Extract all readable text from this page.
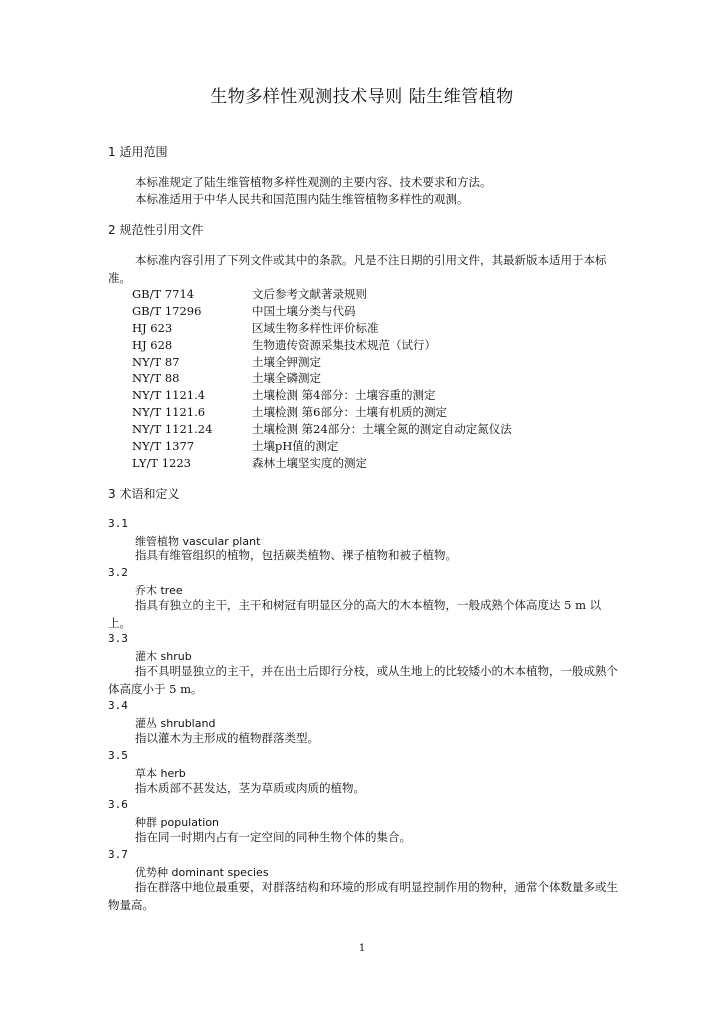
生物多样性观测技术导则 陆生维管植物
1 适用范围
本标准规定了陆生维管植物多样性观测的主要内容、技术要求和方法。
本标准适用于中华人民共和国范围内陆生维管植物多样性的观测。
2 规范性引用文件
本标准内容引用了下列文件或其中的条款。凡是不注日期的引用文件，其最新版本适用于本标准。
GB/T 7714	文后参考文献著录规则
GB/T 17296	中国土壤分类与代码
HJ 623	区域生物多样性评价标准
HJ 628	生物遗传资源采集技术规范（试行）
NY/T 87	土壤全钾测定
NY/T 88	土壤全磷测定
NY/T 1121.4	土壤检测 第4部分：土壤容重的测定
NY/T 1121.6	土壤检测 第6部分：土壤有机质的测定
NY/T 1121.24	土壤检测 第24部分：土壤全氮的测定自动定氮仪法
NY/T 1377	土壤pH值的测定
LY/T 1223	森林土壤坚实度的测定
3 术语和定义
3.1
维管植物 vascular plant
指具有维管组织的植物，包括蕨类植物、裸子植物和被子植物。
3.2
乔木 tree
指具有独立的主干，主干和树冠有明显区分的高大的木本植物，一般成熟个体高度达 5 m 以上。
3.3
灌木 shrub
指不具明显独立的主干，并在出土后即行分枝，或从生地上的比较矮小的木本植物，一般成熟个体高度小于 5 m。
3.4
灌丛 shrubland
指以灌木为主形成的植物群落类型。
3.5
草本 herb
指木质部不甚发达，茎为草质或肉质的植物。
3.6
种群 population
指在同一时期内占有一定空间的同种生物个体的集合。
3.7
优势种 dominant species
指在群落中地位最重要，对群落结构和环境的形成有明显控制作用的物种，通常个体数量多或生物量高。
1
